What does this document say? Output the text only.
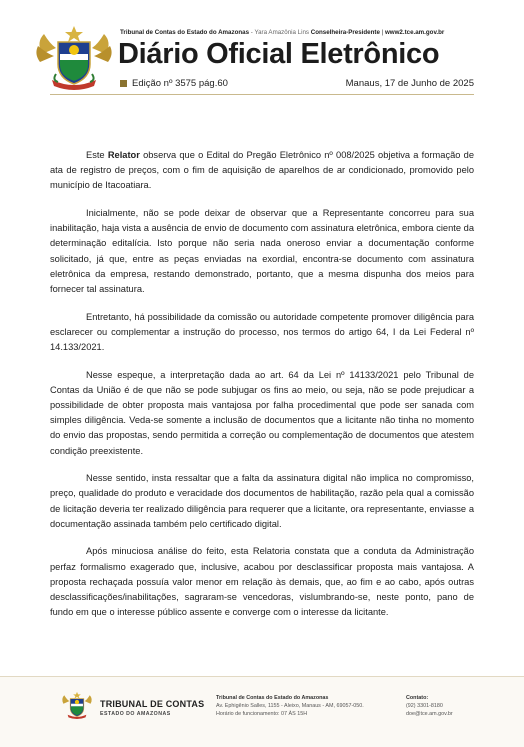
Tribunal de Contas do Estado do Amazonas - Yara Amazônia Lins Conselheira-Presidente | www2.tce.am.gov.br
Diário Oficial Eletrônico
Edição nº 3575 pág.60	Manaus, 17 de Junho de 2025

Este Relator observa que o Edital do Pregão Eletrônico nº 008/2025 objetiva a formação de ata de registro de preços, com o fim de aquisição de aparelhos de ar condicionado, promovido pelo município de Itacoatiara.

Inicialmente, não se pode deixar de observar que a Representante concorreu para sua inabilitação, haja vista a ausência de envio de documento com assinatura eletrônica, embora ciente da determinação editalícia. Isto porque não seria nada oneroso enviar a documentação conforme solicitado, já que, entre as peças enviadas na exordial, encontra-se documento com assinatura eletrônica da empresa, restando demonstrado, portanto, que a mesma dispunha dos meios para fornecer tal assinatura.

Entretanto, há possibilidade da comissão ou autoridade competente promover diligência para esclarecer ou complementar a instrução do processo, nos termos do artigo 64, I da Lei Federal nº 14.133/2021.

Nesse espeque, a interpretação dada ao art. 64 da Lei nº 14133/2021 pelo Tribunal de Contas da União é de que não se pode subjugar os fins ao meio, ou seja, não se pode prejudicar a possibilidade de obter proposta mais vantajosa por falha procedimental que pode ser sanada com simples diligência. Veda-se somente a inclusão de documentos que a licitante não tinha no momento do envio das propostas, sendo permitida a correção ou complementação de documentos que atestem condição preexistente.

Nesse sentido, insta ressaltar que a falta da assinatura digital não implica no compromisso, preço, qualidade do produto e veracidade dos documentos de habilitação, razão pela qual a comissão de licitação deveria ter realizado diligência para requerer que a licitante, ora representante, enviasse a documentação assinada também pelo certificado digital.

Após minuciosa análise do feito, esta Relatoria constata que a conduta da Administração perfaz formalismo exagerado que, inclusive, acabou por desclassificar proposta mais vantajosa. A proposta rechaçada possuía valor menor em relação às demais, que, ao fim e ao cabo, após outras desclassificações/inabilitações, sagraram-se vencedoras, vislumbrando-se, neste ponto, pano de fundo em que o interesse público assente e converge com o interesse da licitante.

TRIBUNAL DE CONTAS
ESTADO DO AMAZONAS
Tribunal de Contas do Estado do Amazonas
Av. Ephigênio Salles, 1155 - Aleixo, Manaus - AM, 69057-050.
Horário de funcionamento: 07 ÀS 15H
Contato:
(92) 3301-8180
doe@tce.am.gov.br
